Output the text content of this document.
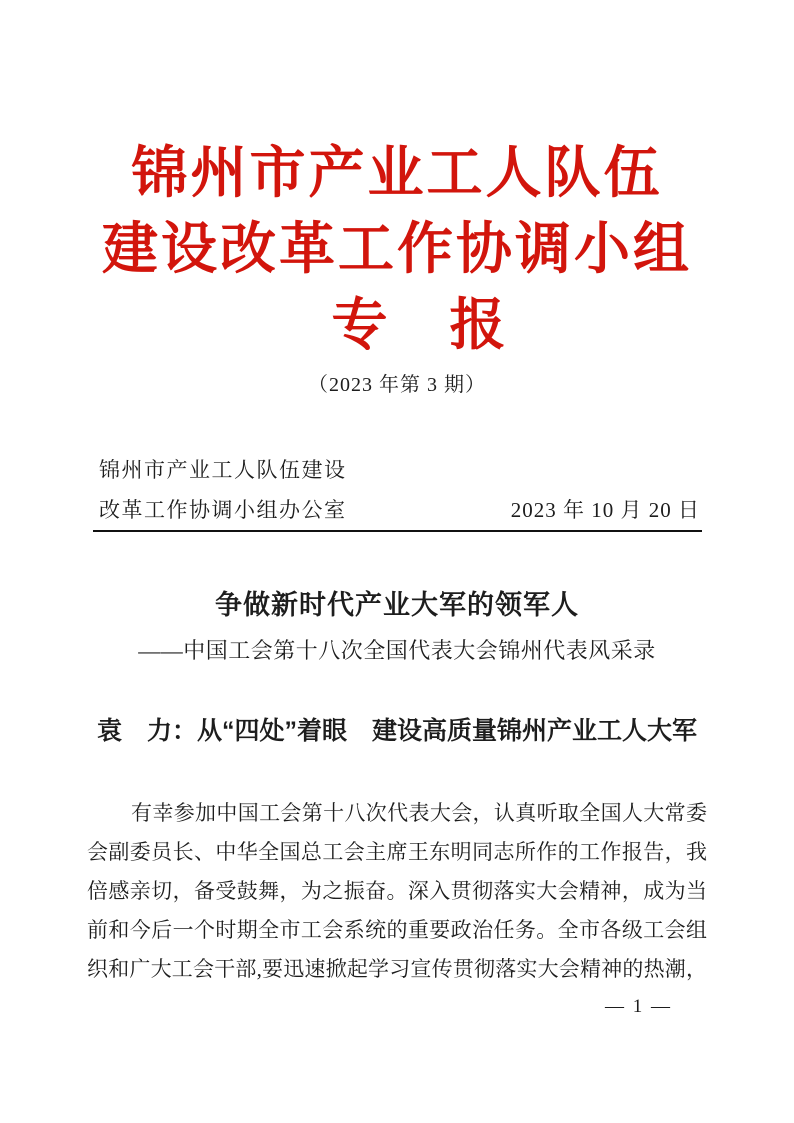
锦州市产业工人队伍
建设改革工作协调小组
专　报
（2023 年第 3 期）
锦州市产业工人队伍建设
改革工作协调小组办公室	2023 年 10 月 20 日
争做新时代产业大军的领军人
——中国工会第十八次全国代表大会锦州代表风采录
袁　力：从“四处”着眼　建设高质量锦州产业工人大军
有幸参加中国工会第十八次代表大会，认真听取全国人大常委
会副委员长、中华全国总工会主席王东明同志所作的工作报告，我
倍感亲切，备受鼓舞，为之振奋。深入贯彻落实大会精神，成为当
前和今后一个时期全市工会系统的重要政治任务。全市各级工会组
织和广大工会干部,要迅速掀起学习宣传贯彻落实大会精神的热潮，
— 1 —
